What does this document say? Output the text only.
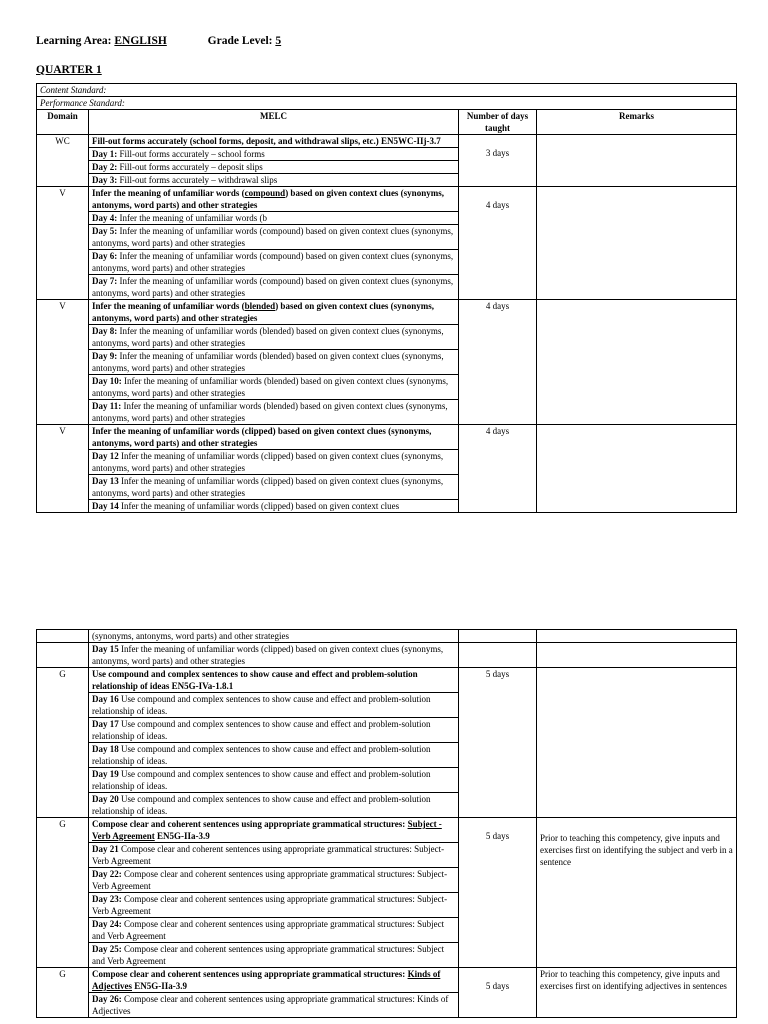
Learning Area: ENGLISH	Grade Level: 5
QUARTER 1
Content Standard:			
Performance Standard:			
Domain	MELC	Number of days taught	Remarks
WC	Fill-out forms accurately (school forms, deposit, and withdrawal slips, etc.) EN5WC-IIj-3.7	3 days	
	Day 1: Fill-out forms accurately – school forms		
	Day 2: Fill-out forms accurately – deposit slips		
	Day 3: Fill-out forms accurately – withdrawal slips		
V	Infer the meaning of unfamiliar words (compound) based on given context clues (synonyms, antonyms, word parts) and other strategies	4 days	
	Day 4: Infer the meaning of unfamiliar words (b		
	Day 5: Infer the meaning of unfamiliar words (compound) based on given context clues (synonyms, antonyms, word parts) and other strategies		
	Day 6: Infer the meaning of unfamiliar words (compound) based on given context clues (synonyms, antonyms, word parts) and other strategies		
	Day 7: Infer the meaning of unfamiliar words (compound) based on given context clues (synonyms, antonyms, word parts) and other strategies		
V	Infer the meaning of unfamiliar words (blended) based on given context clues (synonyms, antonyms, word parts) and other strategies	4 days	
	Day 8: Infer the meaning of unfamiliar words (blended) based on given context clues (synonyms, antonyms, word parts) and other strategies		
	Day 9: Infer the meaning of unfamiliar words (blended) based on given context clues (synonyms, antonyms, word parts) and other strategies		
	Day 10: Infer the meaning of unfamiliar words (blended) based on given context clues (synonyms, antonyms, word parts) and other strategies		
	Day 11: Infer the meaning of unfamiliar words (blended) based on given context clues (synonyms, antonyms, word parts) and other strategies		
V	Infer the meaning of unfamiliar words (clipped) based on given context clues (synonyms, antonyms, word parts) and other strategies	4 days	
	Day 12 Infer the meaning of unfamiliar words (clipped) based on given context clues (synonyms, antonyms, word parts) and other strategies		
	Day 13 Infer the meaning of unfamiliar words (clipped) based on given context clues (synonyms, antonyms, word parts) and other strategies		
	Day 14 Infer the meaning of unfamiliar words (clipped) based on given context clues		
	(synonyms, antonyms, word parts) and other strategies		
	Day 15 Infer the meaning of unfamiliar words (clipped) based on given context clues (synonyms, antonyms, word parts) and other strategies		
G	Use compound and complex sentences to show cause and effect and problem-solution relationship of ideas EN5G-IVa-1.8.1	5 days	
	Day 16 Use compound and complex sentences to show cause and effect and problem-solution relationship of ideas.		
	Day 17 Use compound and complex sentences to show cause and effect and problem-solution relationship of ideas.		
	Day 18 Use compound and complex sentences to show cause and effect and problem-solution relationship of ideas.		
	Day 19 Use compound and complex sentences to show cause and effect and problem-solution relationship of ideas.		
	Day 20 Use compound and complex sentences to show cause and effect and problem-solution relationship of ideas.		
G	Compose clear and coherent sentences using appropriate grammatical structures: Subject -Verb Agreement EN5G-IIa-3.9	5 days	Prior to teaching this competency, give inputs and exercises first on identifying the subject and verb in a sentence
	Day 21 Compose clear and coherent sentences using appropriate grammatical structures: Subject-Verb Agreement		
	Day 22: Compose clear and coherent sentences using appropriate grammatical structures: Subject-Verb Agreement		
	Day 23: Compose clear and coherent sentences using appropriate grammatical structures: Subject-Verb Agreement		
	Day 24: Compose clear and coherent sentences using appropriate grammatical structures: Subject and Verb Agreement		
	Day 25: Compose clear and coherent sentences using appropriate grammatical structures: Subject and Verb Agreement		
G	Compose clear and coherent sentences using appropriate grammatical structures: Kinds of Adjectives EN5G-IIa-3.9	5 days	Prior to teaching this competency, give inputs and exercises first on identifying adjectives in sentences
	Day 26: Compose clear and coherent sentences using appropriate grammatical structures: Kinds of Adjectives		
